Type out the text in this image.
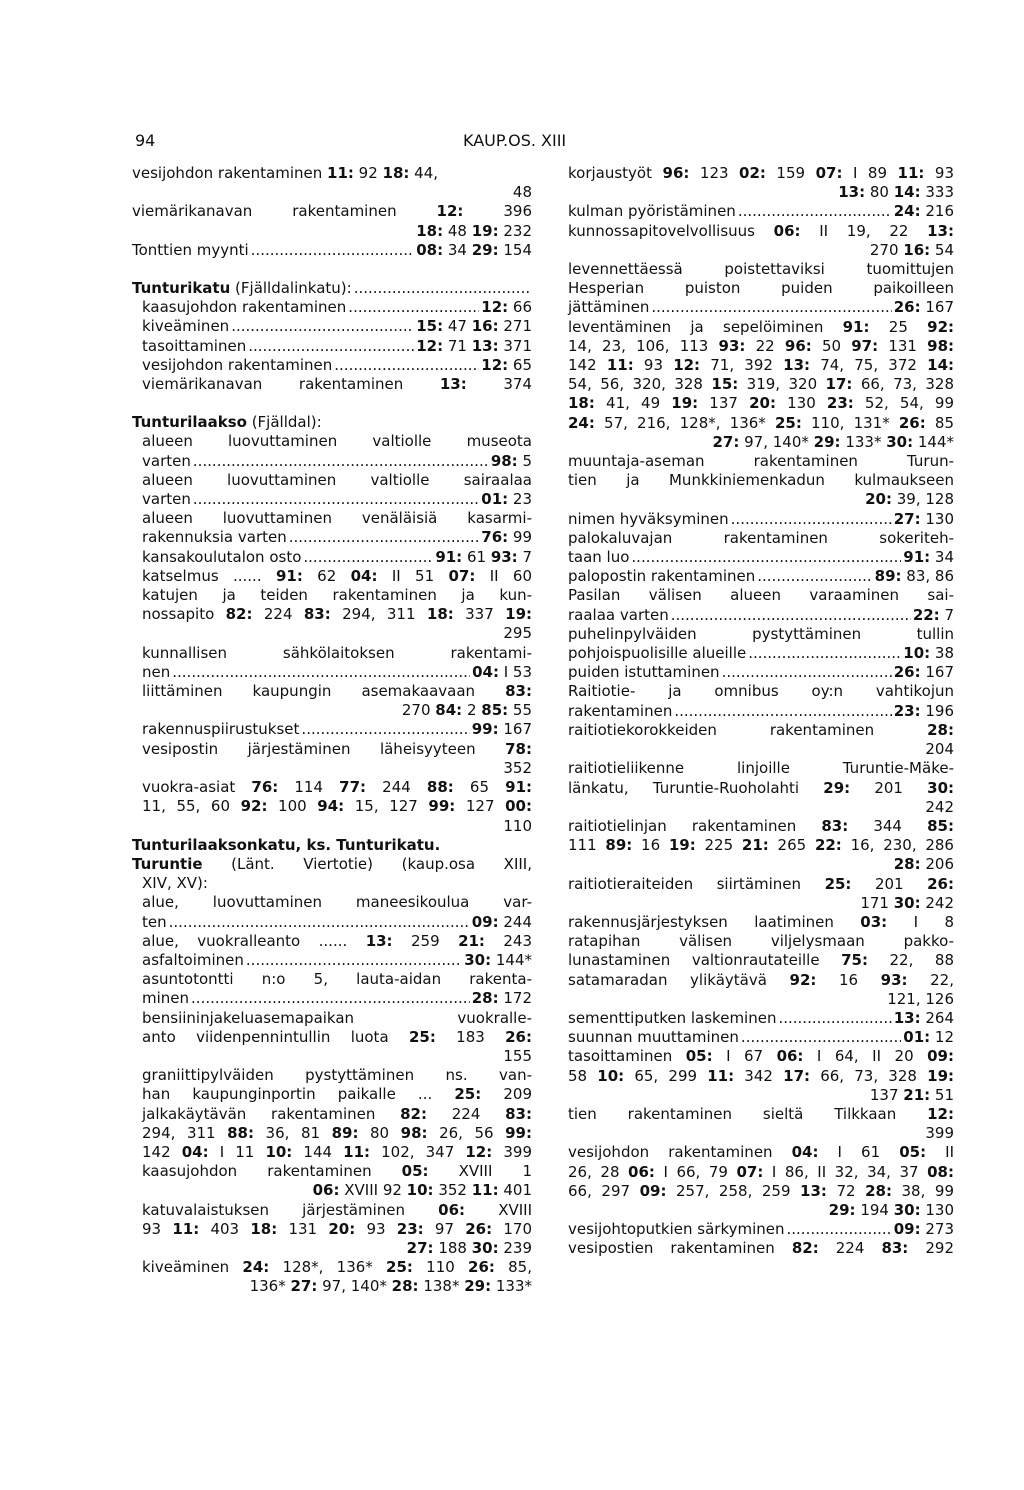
94	KAUP.OS. XIII
vesijohdon rakentaminen 11: 92 18: 44,
48
viemärikanavan rakentaminen 12: 396
18: 48 19: 232
Tonttien myynti .....	08: 34 29: 154
Tunturikatu (Fjälldalinkatu):
.....
kaasujohdon rakentaminen .....	12: 66
kiveäminen .....	15: 47 16: 271
tasoittaminen .....	12: 71 13: 371
vesijohdon rakentaminen .....	12: 65
viemärikanavan rakentaminen 13: 374
Tunturilaakso (Fjälldal):
alueen luovuttaminen valtiolle museota
varten .....	98: 5
alueen luovuttaminen valtiolle sairaalaa
varten .....	01: 23
alueen luovuttaminen venäläisiä kasarmi-
rakennuksia varten .....	76: 99
kansakoulutalon osto .....	91: 61 93: 7
katselmus ...... 91: 62 04: II 51 07: II 60
katujen ja teiden rakentaminen ja kun-
nossapito 82: 224 83: 294, 311 18: 337 19:
295
kunnallisen sähkölaitoksen rakentami-
nen .....	04: I 53
liittäminen kaupungin asemakaavaan 83:
270 84: 2 85: 55
rakennuspiirustukset .....	99: 167
vesipostin järjestäminen läheisyyteen 78:
352
vuokra-asiat 76: 114 77: 244 88: 65 91:
11, 55, 60 92: 100 94: 15, 127 99: 127 00:
110
Tunturilaaksonkatu, ks. Tunturikatu.
Turuntie (Länt. Viertotie) (kaup.osa XIII,
XIV, XV):
alue, luovuttaminen maneesikoulua var-
ten .....	09: 244
alue, vuokralleanto ...... 13: 259 21: 243
asfaltoiminen .....	30: 144*
asuntotontti n:o 5, lauta-aidan rakenta-
minen .....	28: 172
bensiininjakeluasemapaikan vuokralle-
anto viidenpennintullin luota 25: 183 26:
155
graniittipylväiden pystyttäminen ns. van-
han kaupunginportin paikalle ... 25: 209
jalkakäytävän rakentaminen 82: 224 83:
294, 311 88: 36, 81 89: 80 98: 26, 56 99:
142 04: I 11 10: 144 11: 102, 347 12: 399
kaasujohdon rakentaminen 05: XVIII 1
06: XVIII 92 10: 352 11: 401
katuvalaistuksen järjestäminen 06: XVIII
93 11: 403 18: 131 20: 93 23: 97 26: 170
27: 188 30: 239
kiveäminen 24: 128*, 136* 25: 110 26: 85,
136* 27: 97, 140* 28: 138* 29: 133*
korjaustyöt 96: 123 02: 159 07: I 89 11: 93
13: 80 14: 333
kulman pyöristäminen .....	24: 216
kunnossapitovelvollisuus 06: II 19, 22 13:
270 16: 54
levennettäessä poistettaviksi tuomittujen
Hesperian puiston puiden paikoilleen
jättäminen .....	26: 167
leventäminen ja sepelöiminen 91: 25 92:
14, 23, 106, 113 93: 22 96: 50 97: 131 98:
142 11: 93 12: 71, 392 13: 74, 75, 372 14:
54, 56, 320, 328 15: 319, 320 17: 66, 73, 328
18: 41, 49 19: 137 20: 130 23: 52, 54, 99
24: 57, 216, 128*, 136* 25: 110, 131* 26: 85
27: 97, 140* 29: 133* 30: 144*
muuntaja-aseman rakentaminen Turun-
tien ja Munkkiniemenkadun kulmaukseen
20: 39, 128
nimen hyväksyminen .....	27: 130
palokaluvajan rakentaminen sokeriteh-
taan luo .....	91: 34
palopostin rakentaminen .....	89: 83, 86
Pasilan välisen alueen varaaminen sai-
raalaa varten .....	22: 7
puhelinpylväiden pystyttäminen tullin
pohjoispuolisille alueille .....	10: 38
puiden istuttaminen .....	26: 167
Raitiotie- ja omnibus oy:n vahtikojun
rakentaminen .....	23: 196
raitiotiekorokkeiden rakentaminen 28:
204
raitiotieliikenne linjoille Turuntie-Mäke-
länkatu, Turuntie-Ruoholahti 29: 201 30:
242
raitiotielinjan rakentaminen 83: 344 85:
111 89: 16 19: 225 21: 265 22: 16, 230, 286
28: 206
raitiotieraiteiden siirtäminen 25: 201 26:
171 30: 242
rakennusjärjestyksen laatiminen 03: I 8
ratapihan välisen viljelysmaan pakko-
lunastaminen valtionrautateille 75: 22, 88
satamaradan ylikäytävä 92: 16 93: 22,
121, 126
sementtiputken laskeminen .....	13: 264
suunnan muuttaminen .....	01: 12
tasoittaminen 05: I 67 06: I 64, II 20 09:
58 10: 65, 299 11: 342 17: 66, 73, 328 19:
137 21: 51
tien rakentaminen sieltä Tilkkaan 12:
399
vesijohdon rakentaminen 04: I 61 05: II
26, 28 06: I 66, 79 07: I 86, II 32, 34, 37 08:
66, 297 09: 257, 258, 259 13: 72 28: 38, 99
29: 194 30: 130
vesijohtoputkien särkyminen .....	09: 273
vesipostien rakentaminen 82: 224 83: 292
